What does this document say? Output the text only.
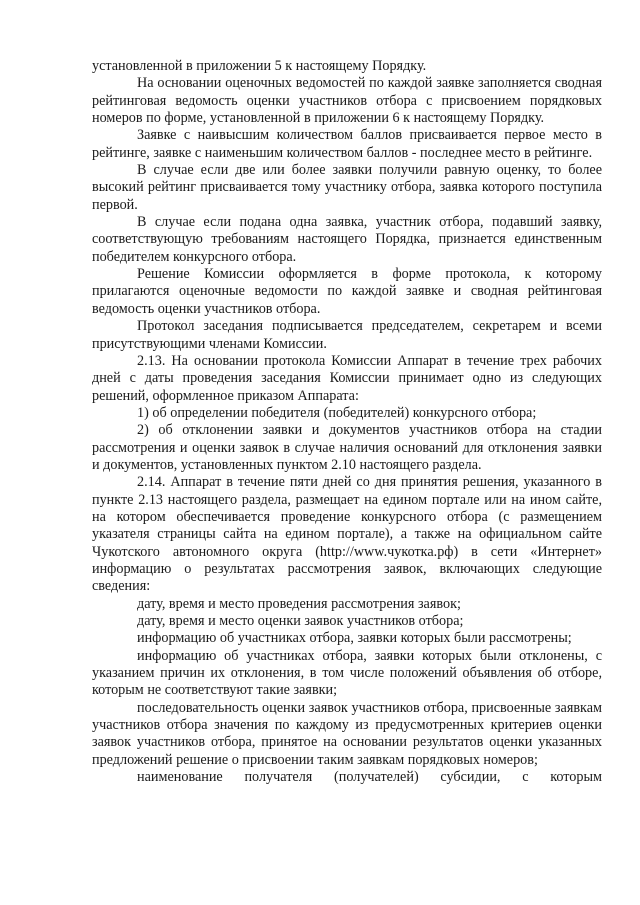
установленной в приложении 5 к настоящему Порядку.

На основании оценочных ведомостей по каждой заявке заполняется сводная рейтинговая ведомость оценки участников отбора с присвоением порядковых номеров по форме, установленной в приложении 6 к настоящему Порядку.

Заявке с наивысшим количеством баллов присваивается первое место в рейтинге, заявке с наименьшим количеством баллов - последнее место в рейтинге.

В случае если две или более заявки получили равную оценку, то более высокий рейтинг присваивается тому участнику отбора, заявка которого поступила первой.

В случае если подана одна заявка, участник отбора, подавший заявку, соответствующую требованиям настоящего Порядка, признается единственным победителем конкурсного отбора.

Решение Комиссии оформляется в форме протокола, к которому прилагаются оценочные ведомости по каждой заявке и сводная рейтинговая ведомость оценки участников отбора.

Протокол заседания подписывается председателем, секретарем и всеми присутствующими членами Комиссии.

2.13. На основании протокола Комиссии Аппарат в течение трех рабочих дней с даты проведения заседания Комиссии принимает одно из следующих решений, оформленное приказом Аппарата:

1) об определении победителя (победителей) конкурсного отбора;

2) об отклонении заявки и документов участников отбора на стадии рассмотрения и оценки заявок в случае наличия оснований для отклонения заявки и документов, установленных пунктом 2.10 настоящего раздела.

2.14. Аппарат в течение пяти дней со дня принятия решения, указанного в пункте 2.13 настоящего раздела, размещает на едином портале или на ином сайте, на котором обеспечивается проведение конкурсного отбора (с размещением указателя страницы сайта на едином портале), а также на официальном сайте Чукотского автономного округа (http://www.чукотка.рф) в сети «Интернет» информацию о результатах рассмотрения заявок, включающих следующие сведения:

дату, время и место проведения рассмотрения заявок;

дату, время и место оценки заявок участников отбора;

информацию об участниках отбора, заявки которых были рассмотрены;

информацию об участниках отбора, заявки которых были отклонены, с указанием причин их отклонения, в том числе положений объявления об отборе, которым не соответствуют такие заявки;

последовательность оценки заявок участников отбора, присвоенные заявкам участников отбора значения по каждому из предусмотренных критериев оценки заявок участников отбора, принятое на основании результатов оценки указанных предложений решение о присвоении таким заявкам порядковых номеров;

наименование получателя (получателей) субсидии, с которым
